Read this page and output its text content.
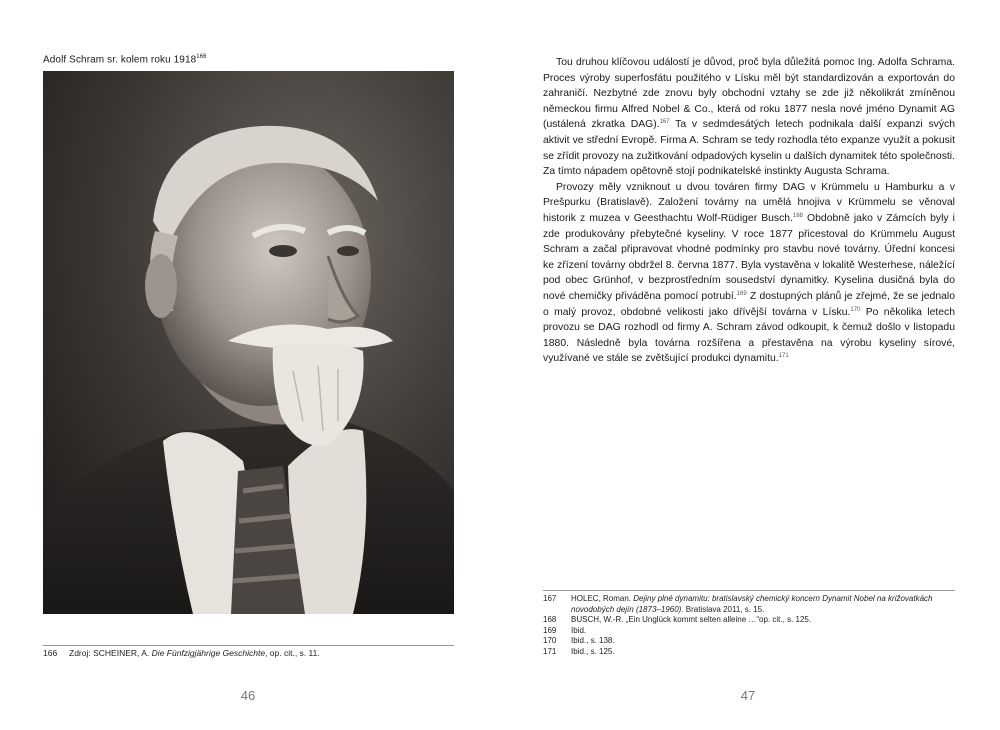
Adolf Schram sr. kolem roku 1918$^{166}$
166 Zdroj: SCHEINER, A. Die Fünfzigjährige Geschichte, op. cit., s. 11.
46

Tou druhou klíčovou událostí je důvod, proč byla důležitá pomoc Ing. Adolfa Schrama. Proces výroby superfosfátu použitého v Lísku měl být standardizován a exportován do zahraničí. Nezbytné zde znovu byly obchodní vztahy se zde již několikrát zmíněnou německou firmu Alfred Nobel & Co., která od roku 1877 nesla nové jméno Dynamit AG (ustálená zkratka DAG).$^{167}$ Ta v sedmdesátých letech podnikala další expanzi svých aktivit ve střední Evropě. Firma A. Schram se tedy rozhodla této expanze využít a pokusit se zřídit provozy na zužitkování odpadových kyselin u dalších dynamitek této společnosti. Za tímto nápadem opětovně stojí podnikatelské instinkty Augusta Schrama.

Provozy měly vzniknout u dvou továren firmy DAG v Krümmelu u Hamburku a v Prešpurku (Bratislavě). Založení továrny na umělá hnojiva v Krümmelu se věnoval historik z muzea v Geesthachtu Wolf-Rüdiger Busch.$^{168}$ Obdobně jako v Zámcích byly i zde produkovány přebytečné kyseliny. V roce 1877 přicestoval do Krümmelu August Schram a začal připravovat vhodné podmínky pro stavbu nové továrny. Úřední koncesi ke zřízení továrny obdržel 8. června 1877. Byla vystavěna v lokalitě Westerhese, náležící pod obec Grünhof, v bezprostředním sousedství dynamitky. Kyselina dusičná byla do nové chemičky přiváděna pomocí potrubí.$^{169}$ Z dostupných plánů je zřejmé, že se jednalo o malý provoz, obdobné velikosti jako dřívější továrna v Lísku.$^{170}$ Po několika letech provozu se DAG rozhodl od firmy A. Schram závod odkoupit, k čemuž došlo v listopadu 1880. Následně byla továrna rozšířena a přestavěna na výrobu kyseliny sírové, využívané ve stále se zvětšující produkci dynamitu.$^{171}$

167	HOLEC, Roman. Dejiny plné dynamitu: bratislavský chemický koncern Dynamit Nobel na križovatkách novodobých dejín (1873–1960). Bratislava 2011, s. 15.
168	BUSCH, W.-R. „Ein Unglück kommt selten alleine …“op. cit., s. 125.
169	Ibid.
170	Ibid., s. 138.
171	Ibid., s. 125.
47
